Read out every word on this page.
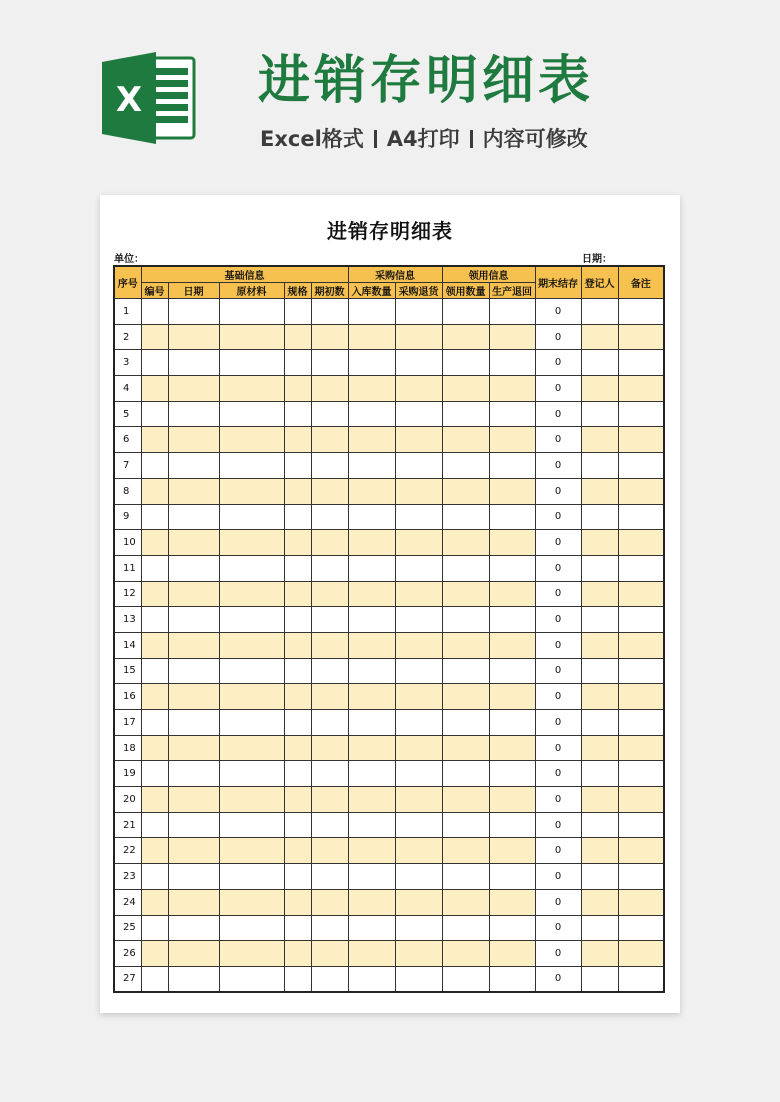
X 进销存明细表
Excel格式 A4打印 内容可修改
进销存明细表
单位：	日期：
序号	基础信息					采购信息		领用信息		期末结存	登记人	备注
	编号	日期	原材料	规格	期初数	入库数量	采购退货	领用数量	生产退回			
1										0		
2										0		
3										0		
4										0		
5										0		
6										0		
7										0		
8										0		
9										0		
10										0		
11										0		
12										0		
13										0		
14										0		
15										0		
16										0		
17										0		
18										0		
19										0		
20										0		
21										0		
22										0		
23										0		
24										0		
25										0		
26										0		
27										0		
